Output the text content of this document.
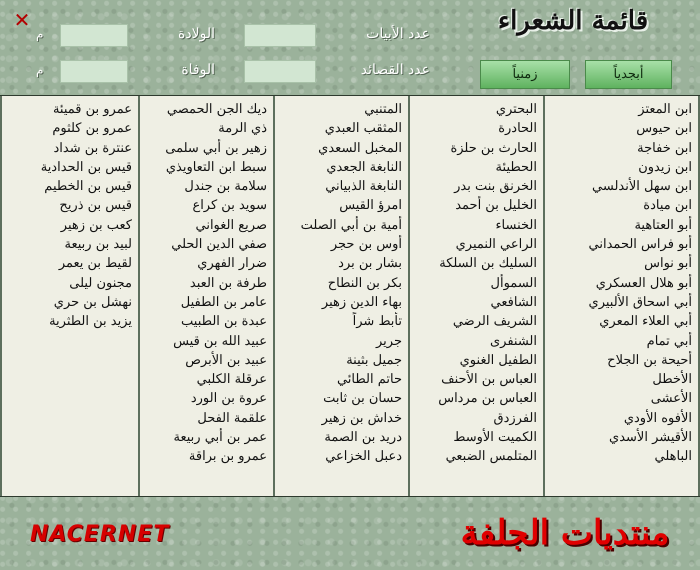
✕	قائمة الشعراء
الولادة
م
الوفاة
م
عدد الأبيات
عدد القصائد	أبجدياً
زمنياً
ابن المعتز
ابن حيوس
ابن خفاجة
ابن زيدون
ابن سهل الأندلسي
ابن ميادة
أبو العتاهية
أبو فراس الحمداني
أبو نواس
أبو هلال العسكري
أبي اسحاق الألبيري
أبي العلاء المعري
أبي تمام
أحيحة بن الجلاح
الأخطل
الأعشى
الأفوه الأودي
الأقيشر الأسدي
الباهلي
البحتري
الحادرة
الحارث بن حلزة
الحطيئة
الخرنق بنت بدر
الخليل بن أحمد
الخنساء
الراعي النميري
السليك بن السلكة
السموأل
الشافعي
الشريف الرضي
الشنفرى
الطفيل الغنوي
العباس بن الأحنف
العباس بن مرداس
الفرزدق
الكميت الأوسط
المتلمس الضبعي
المتنبي
المثقب العبدي
المخبل السعدي
النابغة الجعدي
النابغة الذبياني
امرؤ القيس
أمية بن أبي الصلت
أوس بن حجر
بشار بن برد
بكر بن النطاح
بهاء الدين زهير
تأبط شراً
جرير
جميل بثينة
حاتم الطائي
حسان بن ثابت
خداش بن زهير
دريد بن الصمة
دعبل الخزاعي
ديك الجن الحمصي
ذي الرمة
زهير بن أبي سلمى
سبط ابن التعاويذي
سلامة بن جندل
سويد بن كراع
صريع الغواني
صفي الدين الحلي
ضرار الفهري
طرفة بن العبد
عامر بن الطفيل
عبدة بن الطبيب
عبيد الله بن قيس
عبيد بن الأبرص
عرقلة الكلبي
عروة بن الورد
علقمة الفحل
عمر بن أبي ربيعة
عمرو بن براقة
عمرو بن قميئة
عمرو بن كلثوم
عنترة بن شداد
قيس بن الحدادية
قيس بن الخطيم
قيس بن ذريح
كعب بن زهير
لبيد بن ربيعة
لقيط بن يعمر
مجنون ليلى
نهشل بن حري
يزيد بن الطثرية
NACERNET	منتديات الجلفة
